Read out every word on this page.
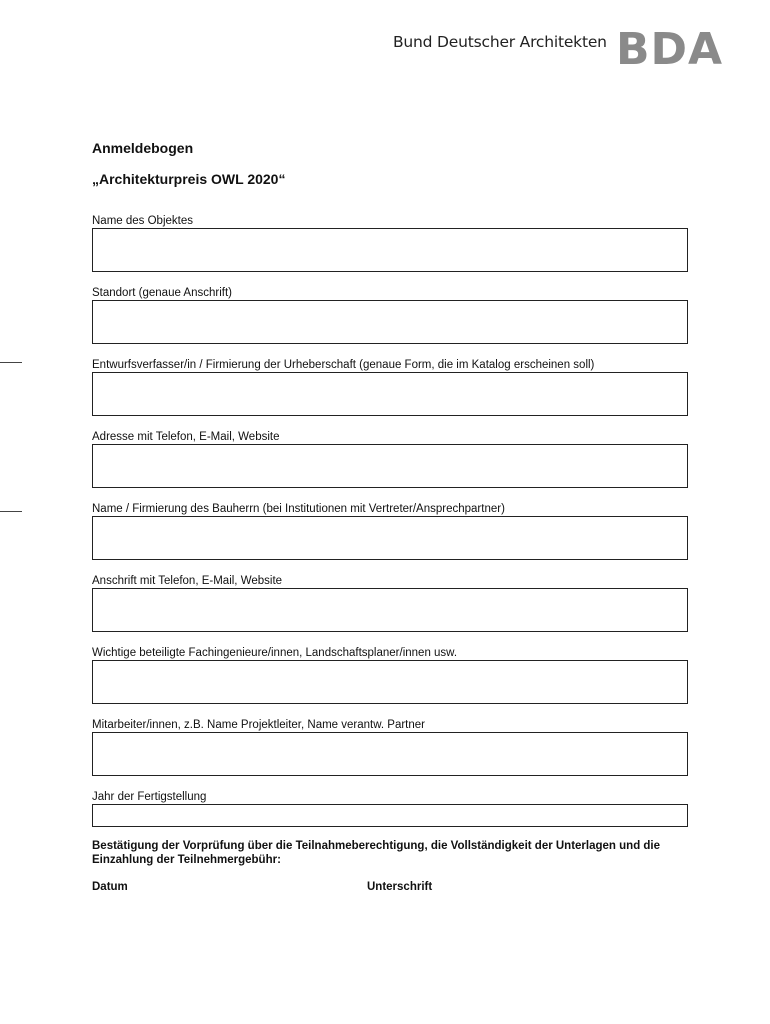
Bund Deutscher Architekten BDA
Anmeldebogen
„Architekturpreis OWL 2020“
Name des Objektes
Standort (genaue Anschrift)
Entwurfsverfasser/in / Firmierung der Urheberschaft (genaue Form, die im Katalog erscheinen soll)
Adresse mit Telefon, E-Mail, Website
Name / Firmierung des Bauherrn (bei Institutionen mit Vertreter/Ansprechpartner)
Anschrift mit Telefon, E-Mail, Website
Wichtige beteiligte Fachingenieure/innen, Landschaftsplaner/innen usw.
Mitarbeiter/innen, z.B. Name Projektleiter, Name verantw. Partner
Jahr der Fertigstellung
Bestätigung der Vorprüfung über die Teilnahmeberechtigung, die Vollständigkeit der Unterlagen und die Einzahlung der Teilnehmergebühr:
Datum	Unterschrift
